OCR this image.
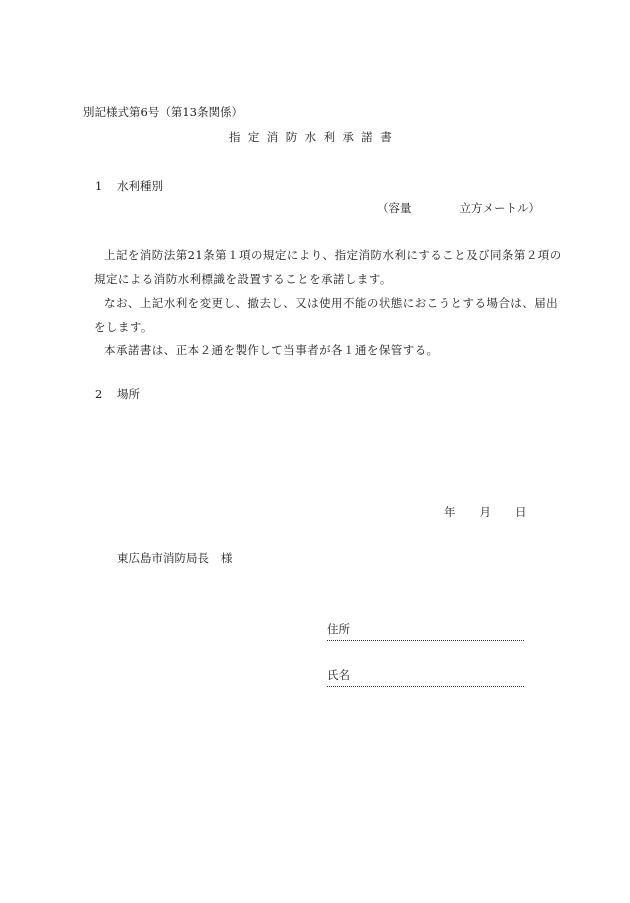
別記様式第6号（第13条関係）
指定消防水利承諾書
1 水利種別
（容量	立方メートル）
上記を消防法第21条第１項の規定により、指定消防水利にすること及び同条第２項の
規定による消防水利標識を設置することを承諾します。
なお、上記水利を変更し、撤去し、又は使用不能の状態におこうとする場合は、届出
をします。
本承諾書は、正本２通を製作して当事者が各１通を保管する。
2 場所
年 月 日
東広島市消防局長 様
住所
氏名
